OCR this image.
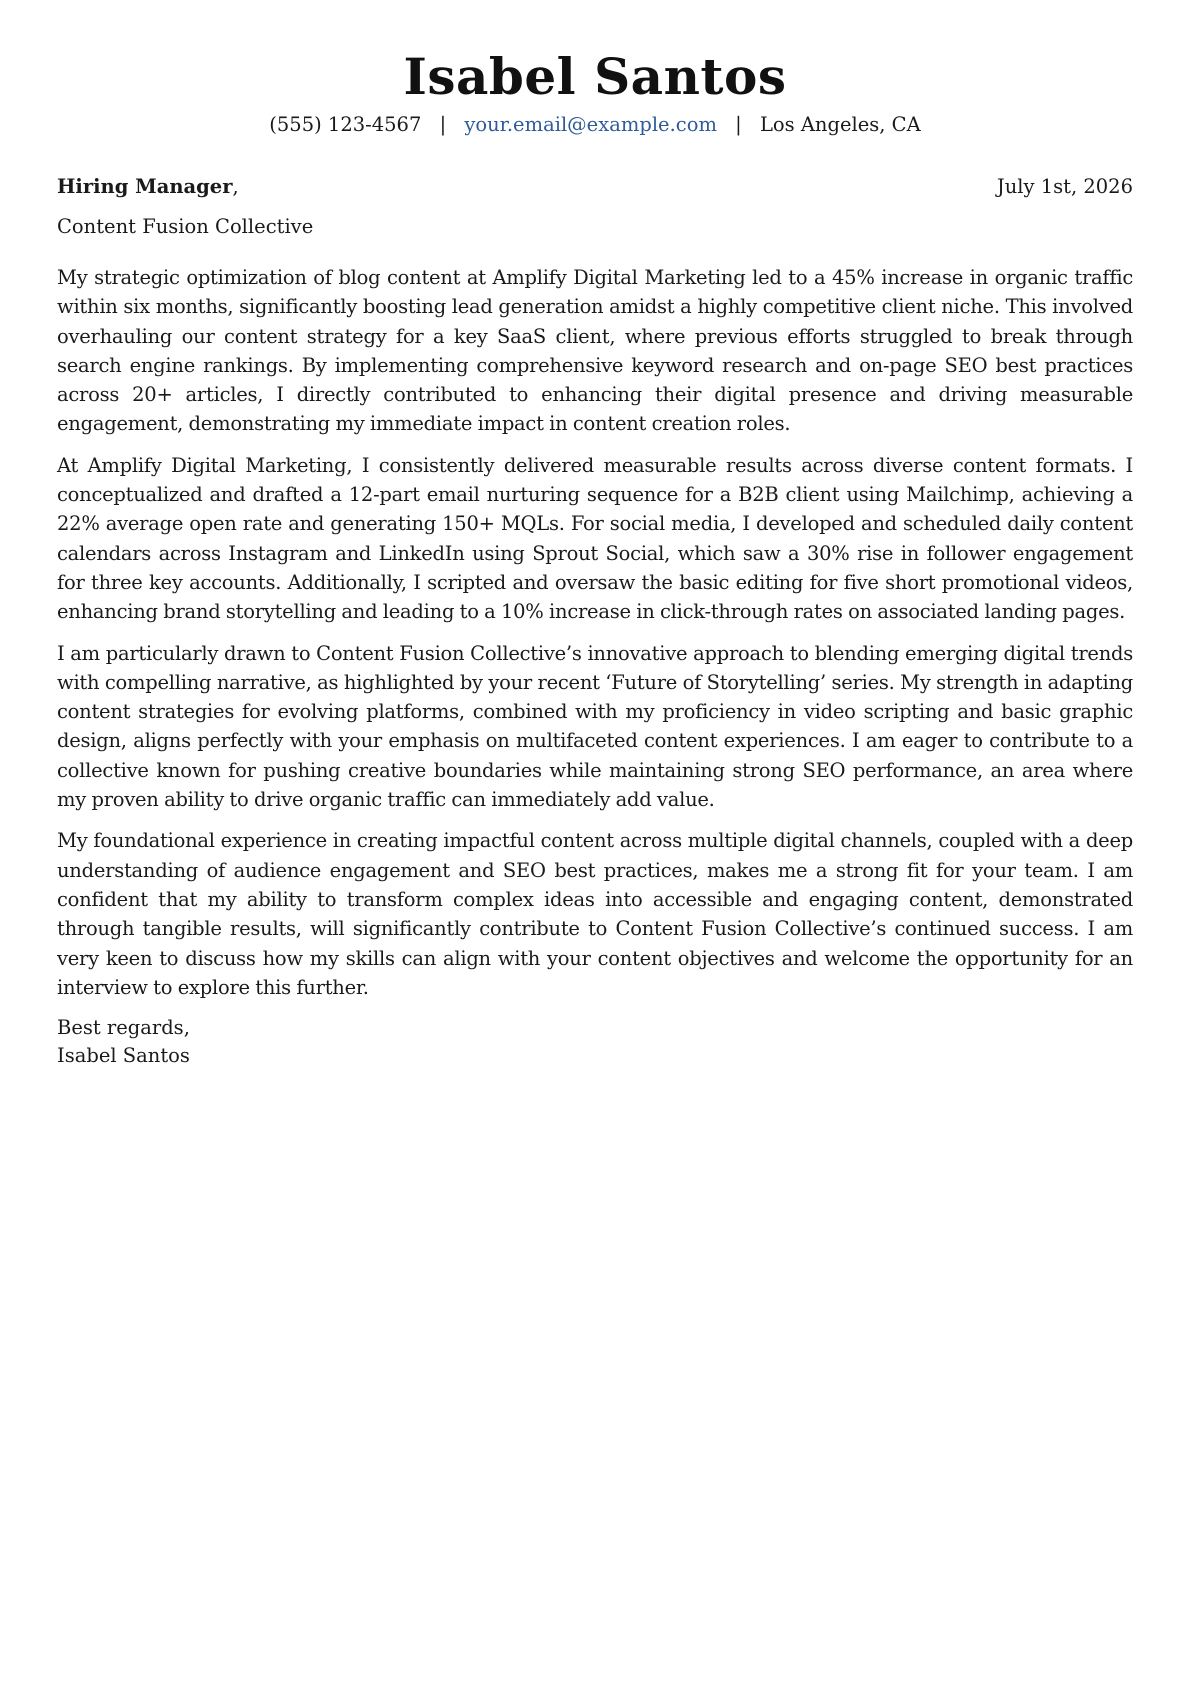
Isabel Santos
(555) 123-4567 | your.email@example.com | Los Angeles, CA
Hiring Manager,	July 1st, 2026
Content Fusion Collective

My strategic optimization of blog content at Amplify Digital Marketing led to a 45% increase in organic traffic within six months, significantly boosting lead generation amidst a highly competitive client niche. This involved overhauling our content strategy for a key SaaS client, where previous efforts struggled to break through search engine rankings. By implementing comprehensive keyword research and on-page SEO best practices across 20+ articles, I directly contributed to enhancing their digital presence and driving measurable engagement, demonstrating my immediate impact in content creation roles.

At Amplify Digital Marketing, I consistently delivered measurable results across diverse content formats. I conceptualized and drafted a 12-part email nurturing sequence for a B2B client using Mailchimp, achieving a 22% average open rate and generating 150+ MQLs. For social media, I developed and scheduled daily content calendars across Instagram and LinkedIn using Sprout Social, which saw a 30% rise in follower engagement for three key accounts. Additionally, I scripted and oversaw the basic editing for five short promotional videos, enhancing brand storytelling and leading to a 10% increase in click-through rates on associated landing pages.

I am particularly drawn to Content Fusion Collective’s innovative approach to blending emerging digital trends with compelling narrative, as highlighted by your recent ‘Future of Storytelling’ series. My strength in adapting content strategies for evolving platforms, combined with my proficiency in video scripting and basic graphic design, aligns perfectly with your emphasis on multifaceted content experiences. I am eager to contribute to a collective known for pushing creative boundaries while maintaining strong SEO performance, an area where my proven ability to drive organic traffic can immediately add value.

My foundational experience in creating impactful content across multiple digital channels, coupled with a deep understanding of audience engagement and SEO best practices, makes me a strong fit for your team. I am confident that my ability to transform complex ideas into accessible and engaging content, demonstrated through tangible results, will significantly contribute to Content Fusion Collective’s continued success. I am very keen to discuss how my skills can align with your content objectives and welcome the opportunity for an interview to explore this further.

Best regards,
Isabel Santos
